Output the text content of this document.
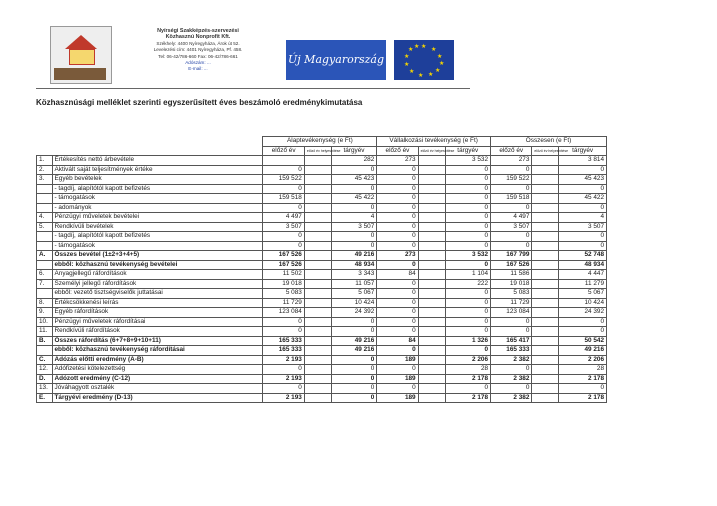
Nyírségi Szakképzés-szervezési
Közhasznú Nonprofit Kft.
Székhely: 4400 Nyíregyháza, Árok út 52.
Levelezési cím: 4401 Nyíregyháza, Pf. 458.
Tel: 06-42/786-660 Fax: 06-42/786-661
Adószám: ...
E-mail: ...
Új Magyarország
★ ★
★
★
★
★
★
★
★
★
★ ★
Közhasznúsági melléklet szerinti egyszerűsített éves beszámoló eredménykimutatása
		Alaptevékenység (e Ft)			Vállalkozási tevékenység (e Ft)			Összesen (e Ft)		
		előző év	előző év helyesbítése	tárgyév	előző év	előző év helyesbítése	tárgyév	előző év	előző év helyesbítése	tárgyév
1.	Értékesítés nettó árbevétele			282	273		3 532	273		3 814
2.	Aktivált saját teljesítmények értéke	0		0	0		0	0		0
3.	Egyéb bevételek	159 522		45 423	0		0	159 522		45 423
	- tagdíj, alapítótól kapott befizetés	0		0	0		0	0		0
	- támogatások	159 518		45 422	0		0	159 518		45 422
	- adományok	0		0	0		0	0		0
4.	Pénzügyi műveletek bevételei	4 497		4	0		0	4 497		4
5.	Rendkívüli bevételek	3 507		3 507	0		0	3 507		3 507
	- tagdíj, alapítótól kapott befizetés	0		0	0		0	0		0
	- támogatások	0		0	0		0	0		0
A.	Összes bevétel (1±2+3+4+5)	167 526		49 216	273		3 532	167 799		52 748
	ebből: közhasznú tevékenység bevételei	167 526		48 934	0		0	167 526		48 934
6.	Anyagjellegű ráfordítások	11 502		3 343	84		1 104	11 586		4 447
7.	Személyi jellegű ráfordítások	19 018		11 057	0		222	19 018		11 279
	ebből: vezető tisztségviselők juttatásai	5 083		5 067	0		0	5 083		5 067
8.	Értékcsökkenési leírás	11 729		10 424	0		0	11 729		10 424
9.	Egyéb ráfordítások	123 084		24 392	0		0	123 084		24 392
10.	Pénzügyi műveletek ráfordításai	0		0	0		0	0		0
11.	Rendkívüli ráfordítások	0		0	0		0	0		0
B.	Összes ráfordítás (6+7+8+9+10+11)	165 333		49 216	84		1 326	165 417		50 542
	ebből: közhasznú tevékenység ráfordításai	165 333		49 216	0		0	165 333		49 216
C.	Adózás előtti eredmény (A-B)	2 193		0	189		2 206	2 382		2 206
12.	Adófizetési kötelezettség	0		0	0		28	0		28
D.	Adózott eredmény (C-12)	2 193		0	189		2 178	2 382		2 178
13.	Jóváhagyott osztalék	0		0	0		0	0		0
E.	Tárgyévi eredmény (D-13)	2 193		0	189		2 178	2 382		2 178
